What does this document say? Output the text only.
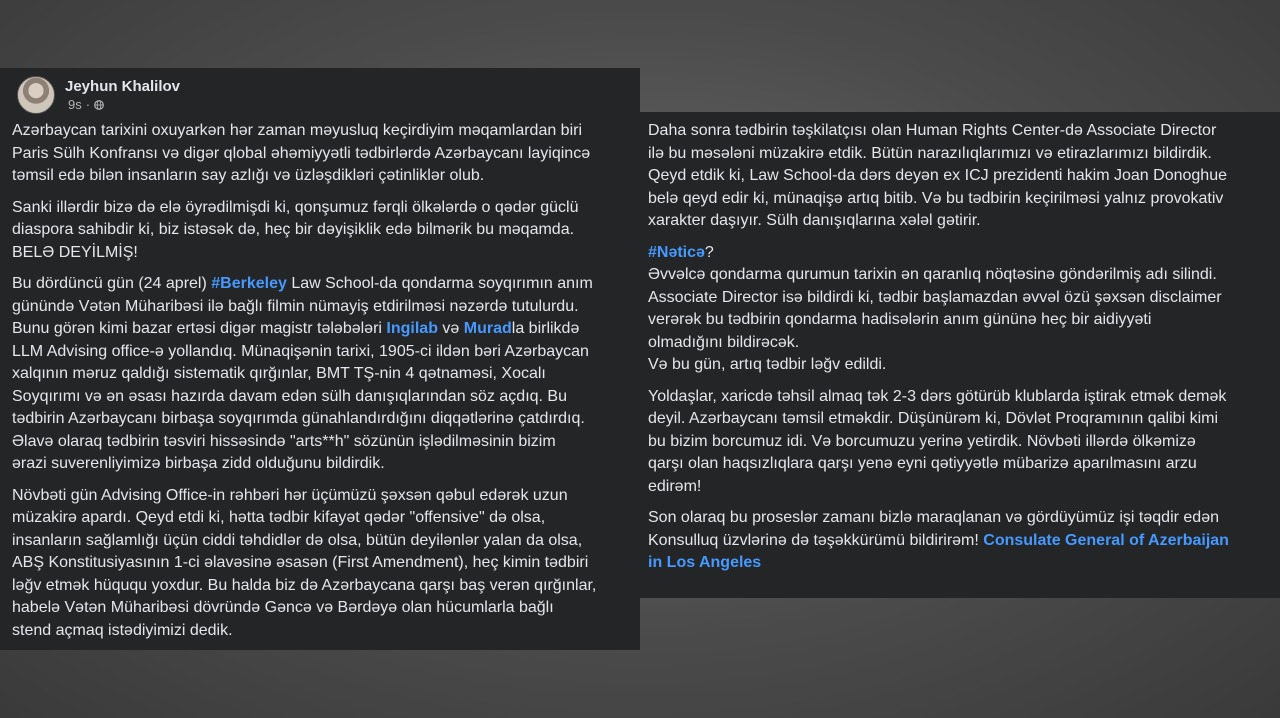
Jeyhun Khalilov
9s ·

Azərbaycan tarixini oxuyarkən hər zaman məyusluq keçirdiyim məqamlardan biri
Paris Sülh Konfransı və digər qlobal əhəmiyyətli tədbirlərdə Azərbaycanı layiqincə
təmsil edə bilən insanların say azlığı və üzləşdikləri çətinliklər olub.

Sanki illərdir bizə də elə öyrədilmişdi ki, qonşumuz fərqli ölkələrdə o qədər güclü
diaspora sahibdir ki, biz istəsək də, heç bir dəyişiklik edə bilmərik bu məqamda.
BELƏ DEYİLMİŞ!

Bu dördüncü gün (24 aprel) #Berkeley Law School-da qondarma soyqırımın anım
günündə Vətən Müharibəsi ilə bağlı filmin nümayiş etdirilməsi nəzərdə tutulurdu.
Bunu görən kimi bazar ertəsi digər magistr tələbələri Ingilab və Muradla birlikdə
LLM Advising office-ə yollandıq. Münaqişənin tarixi, 1905-ci ildən bəri Azərbaycan
xalqının məruz qaldığı sistematik qırğınlar, BMT TŞ-nin 4 qətnaməsi, Xocalı
Soyqırımı və ən əsası hazırda davam edən sülh danışıqlarından söz açdıq. Bu
tədbirin Azərbaycanı birbaşa soyqırımda günahlandırdığını diqqətlərinə çatdırdıq.
Əlavə olaraq tədbirin təsviri hissəsində "arts**h" sözünün işlədilməsinin bizim
ərazi suverenliyimizə birbaşa zidd olduğunu bildirdik.

Növbəti gün Advising Office-in rəhbəri hər üçümüzü şəxsən qəbul edərək uzun
müzakirə apardı. Qeyd etdi ki, hətta tədbir kifayət qədər "offensive" də olsa,
insanların sağlamlığı üçün ciddi təhdidlər də olsa, bütün deyilənlər yalan da olsa,
ABŞ Konstitusiyasının 1-ci əlavəsinə əsasən (First Amendment), heç kimin tədbiri
ləğv etmək hüququ yoxdur. Bu halda biz də Azərbaycana qarşı baş verən qırğınlar,
habelə Vətən Müharibəsi dövründə Gəncə və Bərdəyə olan hücumlarla bağlı
stend açmaq istədiyimizi dedik.

Daha sonra tədbirin təşkilatçısı olan Human Rights Center-də Associate Director
ilə bu məsələni müzakirə etdik. Bütün narazılıqlarımızı və etirazlarımızı bildirdik.
Qeyd etdik ki, Law School-da dərs deyən ex ICJ prezidenti hakim Joan Donoghue
belə qeyd edir ki, münaqişə artıq bitib. Və bu tədbirin keçirilməsi yalnız provokativ
xarakter daşıyır. Sülh danışıqlarına xələl gətirir.

#Nəticə?
Əvvəlcə qondarma qurumun tarixin ən qaranlıq nöqtəsinə göndərilmiş adı silindi.
Associate Director isə bildirdi ki, tədbir başlamazdan əvvəl özü şəxsən disclaimer
verərək bu tədbirin qondarma hadisələrin anım gününə heç bir aidiyyəti
olmadığını bildirəcək.
Və bu gün, artıq tədbir ləğv edildi.

Yoldaşlar, xaricdə təhsil almaq tək 2-3 dərs götürüb klublarda iştirak etmək demək
deyil. Azərbaycanı təmsil etməkdir. Düşünürəm ki, Dövlət Proqramının qalibi kimi
bu bizim borcumuz idi. Və borcumuzu yerinə yetirdik. Növbəti illərdə ölkəmizə
qarşı olan haqsızlıqlara qarşı yenə eyni qətiyyətlə mübarizə aparılmasını arzu
edirəm!

Son olaraq bu proseslər zamanı bizlə maraqlanan və gördüyümüz işi təqdir edən
Konsulluq üzvlərinə də təşəkkürümü bildirirəm! Consulate General of Azerbaijan
in Los Angeles
